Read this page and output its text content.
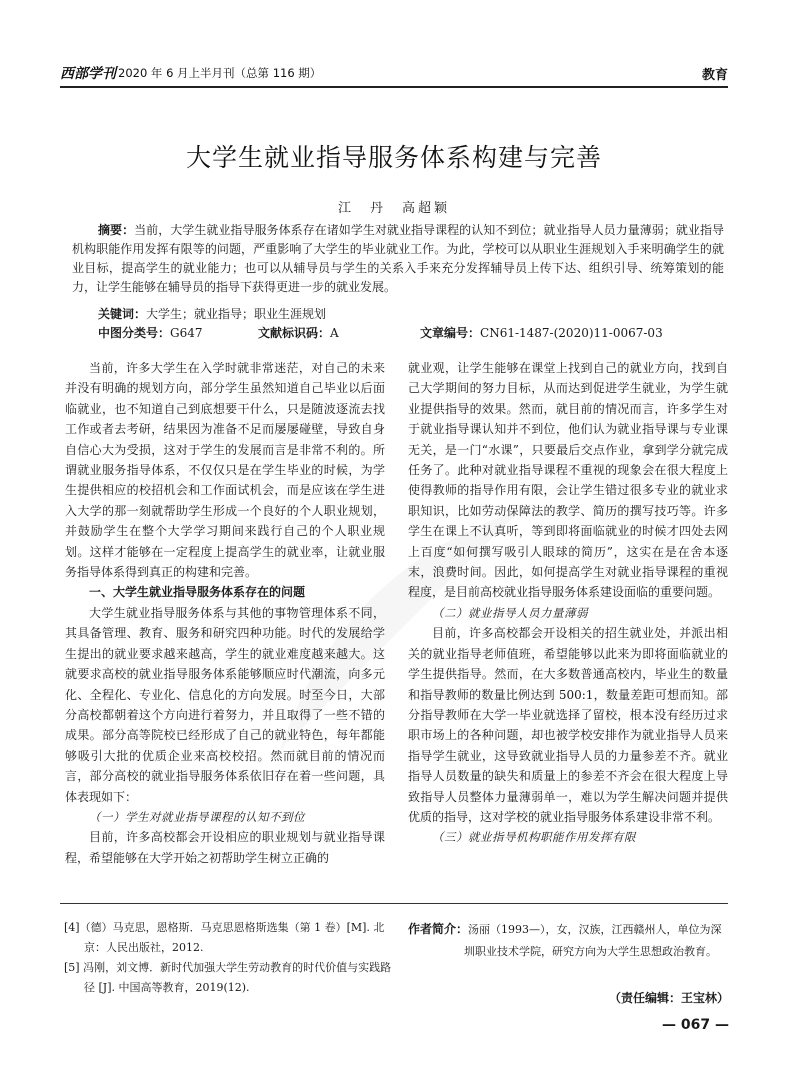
西部学刊 2020 年 6 月上半月刊（总第 116 期）	教育
大学生就业指导服务体系构建与完善
江　丹　高超颖
摘要：当前，大学生就业指导服务体系存在诸如学生对就业指导课程的认知不到位；就业指导人员力量薄弱；就业指导机构职能作用发挥有限等的问题，严重影响了大学生的毕业就业工作。为此，学校可以从职业生涯规划入手来明确学生的就业目标，提高学生的就业能力；也可以从辅导员与学生的关系入手来充分发挥辅导员上传下达、组织引导、统筹策划的能力，让学生能够在辅导员的指导下获得更进一步的就业发展。
关键词：大学生；就业指导；职业生涯规划
中图分类号：G647	文献标识码：A	文章编号：CN61-1487-(2020)11-0067-03

当前，许多大学生在入学时就非常迷茫，对自己的未来并没有明确的规划方向，部分学生虽然知道自己毕业以后面临就业，也不知道自己到底想要干什么，只是随波逐流去找工作或者去考研，结果因为准备不足而屡屡碰壁，导致自身自信心大为受损，这对于学生的发展而言是非常不利的。所谓就业服务指导体系，不仅仅只是在学生毕业的时候，为学生提供相应的校招机会和工作面试机会，而是应该在学生进入大学的那一刻就帮助学生形成一个良好的个人职业规划，并鼓励学生在整个大学学习期间来践行自己的个人职业规划。这样才能够在一定程度上提高学生的就业率，让就业服务指导体系得到真正的构建和完善。

一、大学生就业指导服务体系存在的问题

大学生就业指导服务体系与其他的事物管理体系不同，其具备管理、教育、服务和研究四种功能。时代的发展给学生提出的就业要求越来越高，学生的就业难度越来越大。这就要求高校的就业指导服务体系能够顺应时代潮流，向多元化、全程化、专业化、信息化的方向发展。时至今日，大部分高校都朝着这个方向进行着努力，并且取得了一些不错的成果。部分高等院校已经形成了自己的就业特色，每年都能够吸引大批的优质企业来高校校招。然而就目前的情况而言，部分高校的就业指导服务体系依旧存在着一些问题，具体表现如下：

（一）学生对就业指导课程的认知不到位

目前，许多高校都会开设相应的职业规划与就业指导课程，希望能够在大学开始之初帮助学生树立正确的

就业观，让学生能够在课堂上找到自己的就业方向，找到自己大学期间的努力目标，从而达到促进学生就业，为学生就业提供指导的效果。然而，就目前的情况而言，许多学生对于就业指导课认知并不到位，他们认为就业指导课与专业课无关，是一门“水课”，只要最后交点作业，拿到学分就完成任务了。此种对就业指导课程不重视的现象会在很大程度上使得教师的指导作用有限，会让学生错过很多专业的就业求职知识，比如劳动保障法的教学、简历的撰写技巧等。许多学生在课上不认真听，等到即将面临就业的时候才四处去网上百度“如何撰写吸引人眼球的简历”，这实在是在舍本逐末，浪费时间。因此，如何提高学生对就业指导课程的重视程度，是目前高校就业指导服务体系建设面临的重要问题。

（二）就业指导人员力量薄弱

目前，许多高校都会开设相关的招生就业处，并派出相关的就业指导老师值班，希望能够以此来为即将面临就业的学生提供指导。然而，在大多数普通高校内，毕业生的数量和指导教师的数量比例达到 500:1，数量差距可想而知。部分指导教师在大学一毕业就选择了留校，根本没有经历过求职市场上的各种问题，却也被学校安排作为就业指导人员来指导学生就业，这导致就业指导人员的力量参差不齐。就业指导人员数量的缺失和质量上的参差不齐会在很大程度上导致指导人员整体力量薄弱单一，难以为学生解决问题并提供优质的指导，这对学校的就业指导服务体系建设非常不利。

（三）就业指导机构职能作用发挥有限
[4]（德）马克思，恩格斯．马克思恩格斯选集（第 1 卷）[M]. 北京：人民出版社，2012.
[5] 冯刚，刘文博．新时代加强大学生劳动教育的时代价值与实践路径 [J]. 中国高等教育，2019(12).
作者简介：汤丽（1993—），女，汉族，江西赣州人，单位为深圳职业技术学院，研究方向为大学生思想政治教育。
（责任编辑：王宝林）
— 067 —
